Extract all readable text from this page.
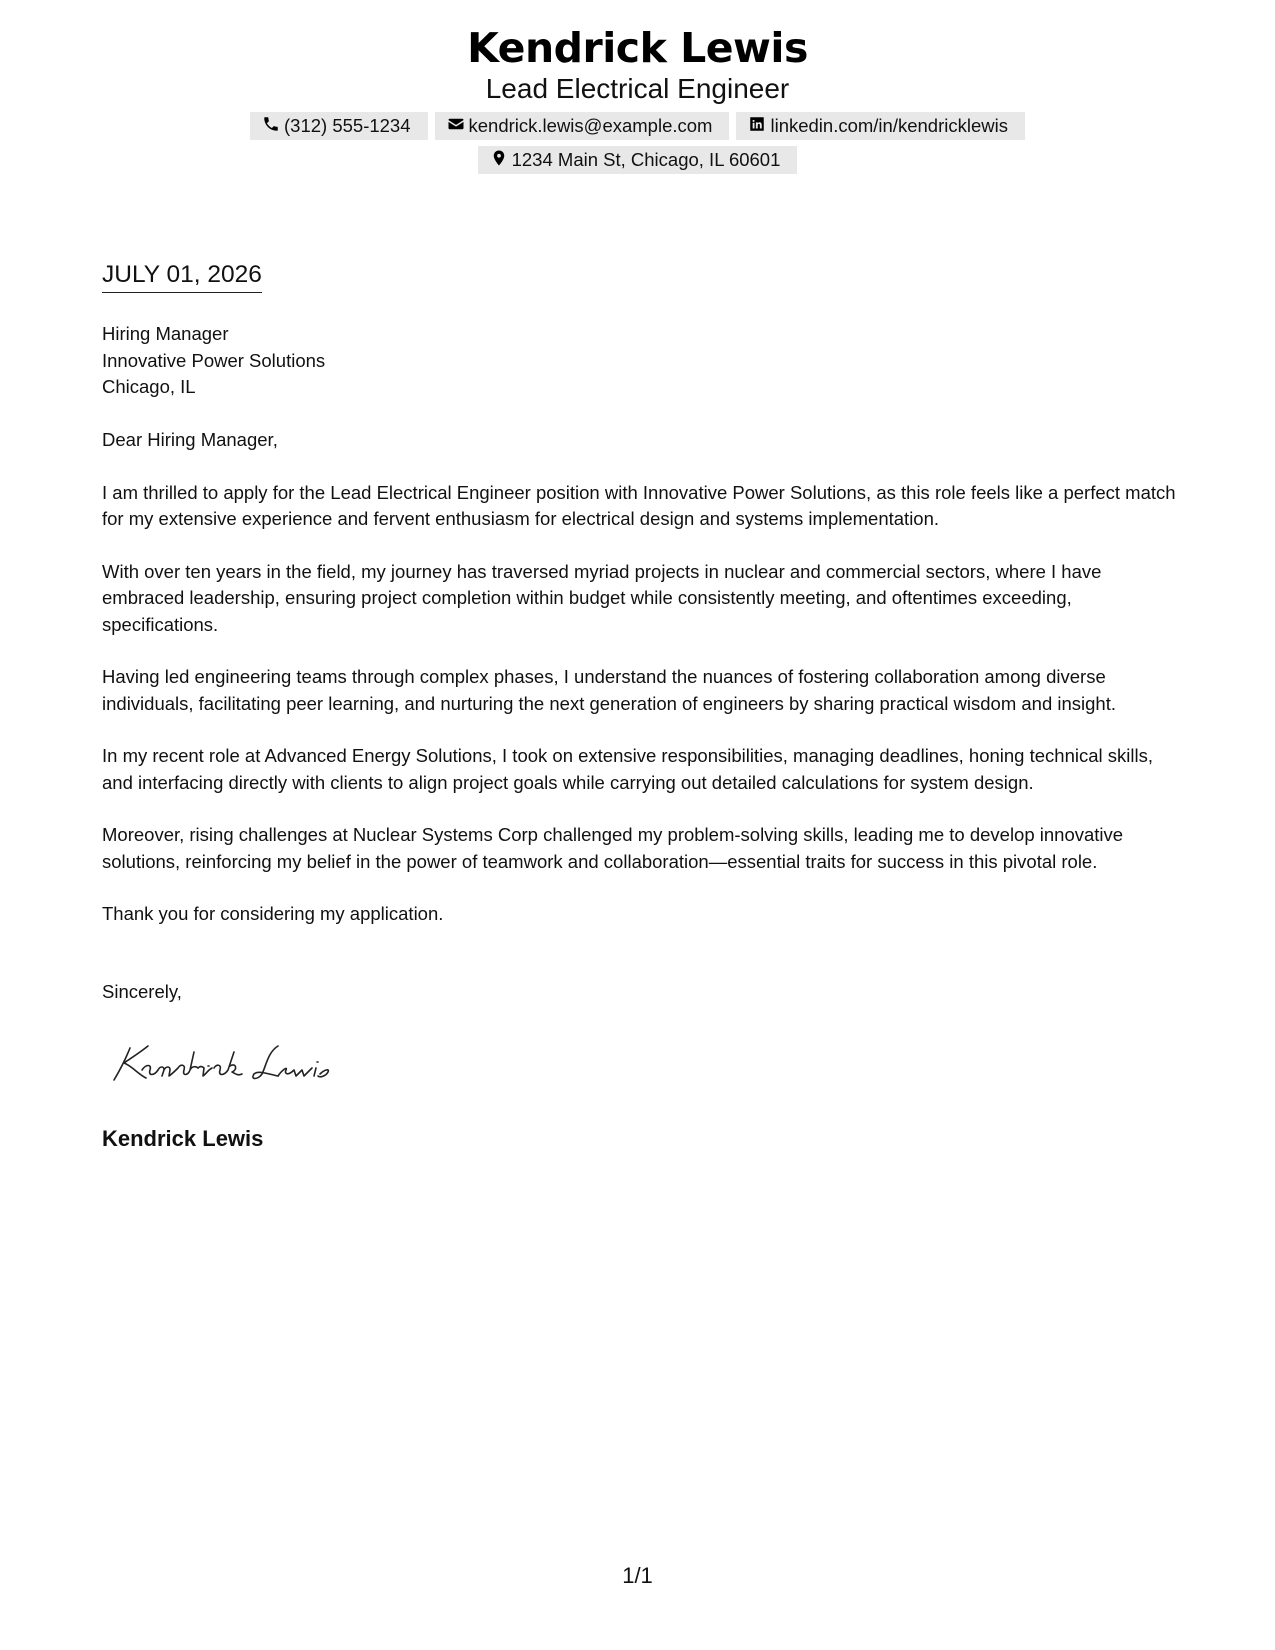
Kendrick Lewis
Lead Electrical Engineer
(312) 555-1234	kendrick.lewis@example.com	linkedin.com/in/kendricklewis
1234 Main St, Chicago, IL 60601
JULY 01, 2026
Hiring Manager
Innovative Power Solutions
Chicago, IL

Dear Hiring Manager,

I am thrilled to apply for the Lead Electrical Engineer position with Innovative Power Solutions, as this role feels like a perfect match for my extensive experience and fervent enthusiasm for electrical design and systems implementation.

With over ten years in the field, my journey has traversed myriad projects in nuclear and commercial sectors, where I have embraced leadership, ensuring project completion within budget while consistently meeting, and oftentimes exceeding, specifications.

Having led engineering teams through complex phases, I understand the nuances of fostering collaboration among diverse individuals, facilitating peer learning, and nurturing the next generation of engineers by sharing practical wisdom and insight.

In my recent role at Advanced Energy Solutions, I took on extensive responsibilities, managing deadlines, honing technical skills, and interfacing directly with clients to align project goals while carrying out detailed calculations for system design.

Moreover, rising challenges at Nuclear Systems Corp challenged my problem-solving skills, leading me to develop innovative solutions, reinforcing my belief in the power of teamwork and collaboration—essential traits for success in this pivotal role.

Thank you for considering my application.

Sincerely,
Kendrick Lewis
1/1
